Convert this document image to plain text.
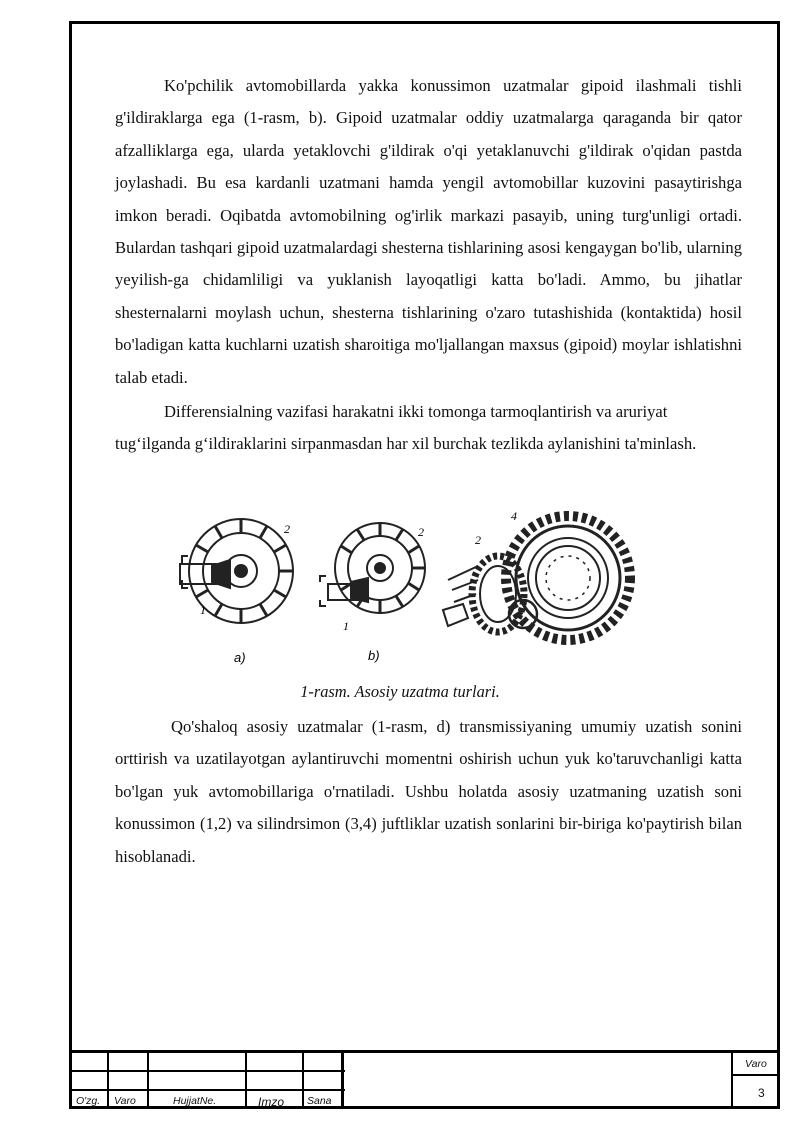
Ko'pchilik avtomobillarda yakka konussimon uzatmalar gipoid ilashmali tishli g'ildiraklarga ega (1-rasm, b). Gipoid uzatmalar oddiy uzatmalarga qaraganda bir qator afzalliklarga ega, ularda yetaklovchi g'ildirak o'qi yetaklanuvchi g'ildirak o'qidan pastda joylashadi. Bu esa kardanli uzatmani hamda yengil avtomobillar kuzovini pasaytirishga imkon beradi. Oqibatda avtomobilning og'irlik markazi pasayib, uning turg'unligi ortadi. Bulardan tashqari gipoid uzatmalardagi shesterna tishlarining asosi kengaygan bo'lib, ularning yeyilish-ga chidamliligi va yuklanish layoqatligi katta bo'ladi. Ammo, bu jihatlar shesternalarni moylash uchun, shesterna tishlarining o'zaro tutashishida (kontaktida) hosil bo'ladigan katta kuchlarni uzatish sharoitiga mo'ljallangan maxsus (gipoid) moylar ishlatishni talab etadi.

Differensialning vazifasi harakatni ikki tomonga tarmoqlantirish va aruriyat tug‘ilganda g‘ildiraklarini sirpanmasdan har xil burchak tezlikda aylanishini ta'minlash.

2
1
a)
2
1
b)
4
2

1-rasm. Asosiy uzatma turlari.

Qo'shaloq asosiy uzatmalar (1-rasm, d) transmissiyaning umumiy uzatish sonini orttirish va uzatilayotgan aylantiruvchi momentni oshirish uchun yuk ko'taruvchanligi katta bo'lgan yuk avtomobillariga o'rnatiladi. Ushbu holatda asosiy uzatmaning uzatish soni konussimon (1,2) va silindrsimon (3,4) juftliklar uzatish sonlarini bir-biriga ko'paytirish bilan hisoblanadi.

O'zg. Varo	HujjatNe.	Imzo Sana
Varo
3
